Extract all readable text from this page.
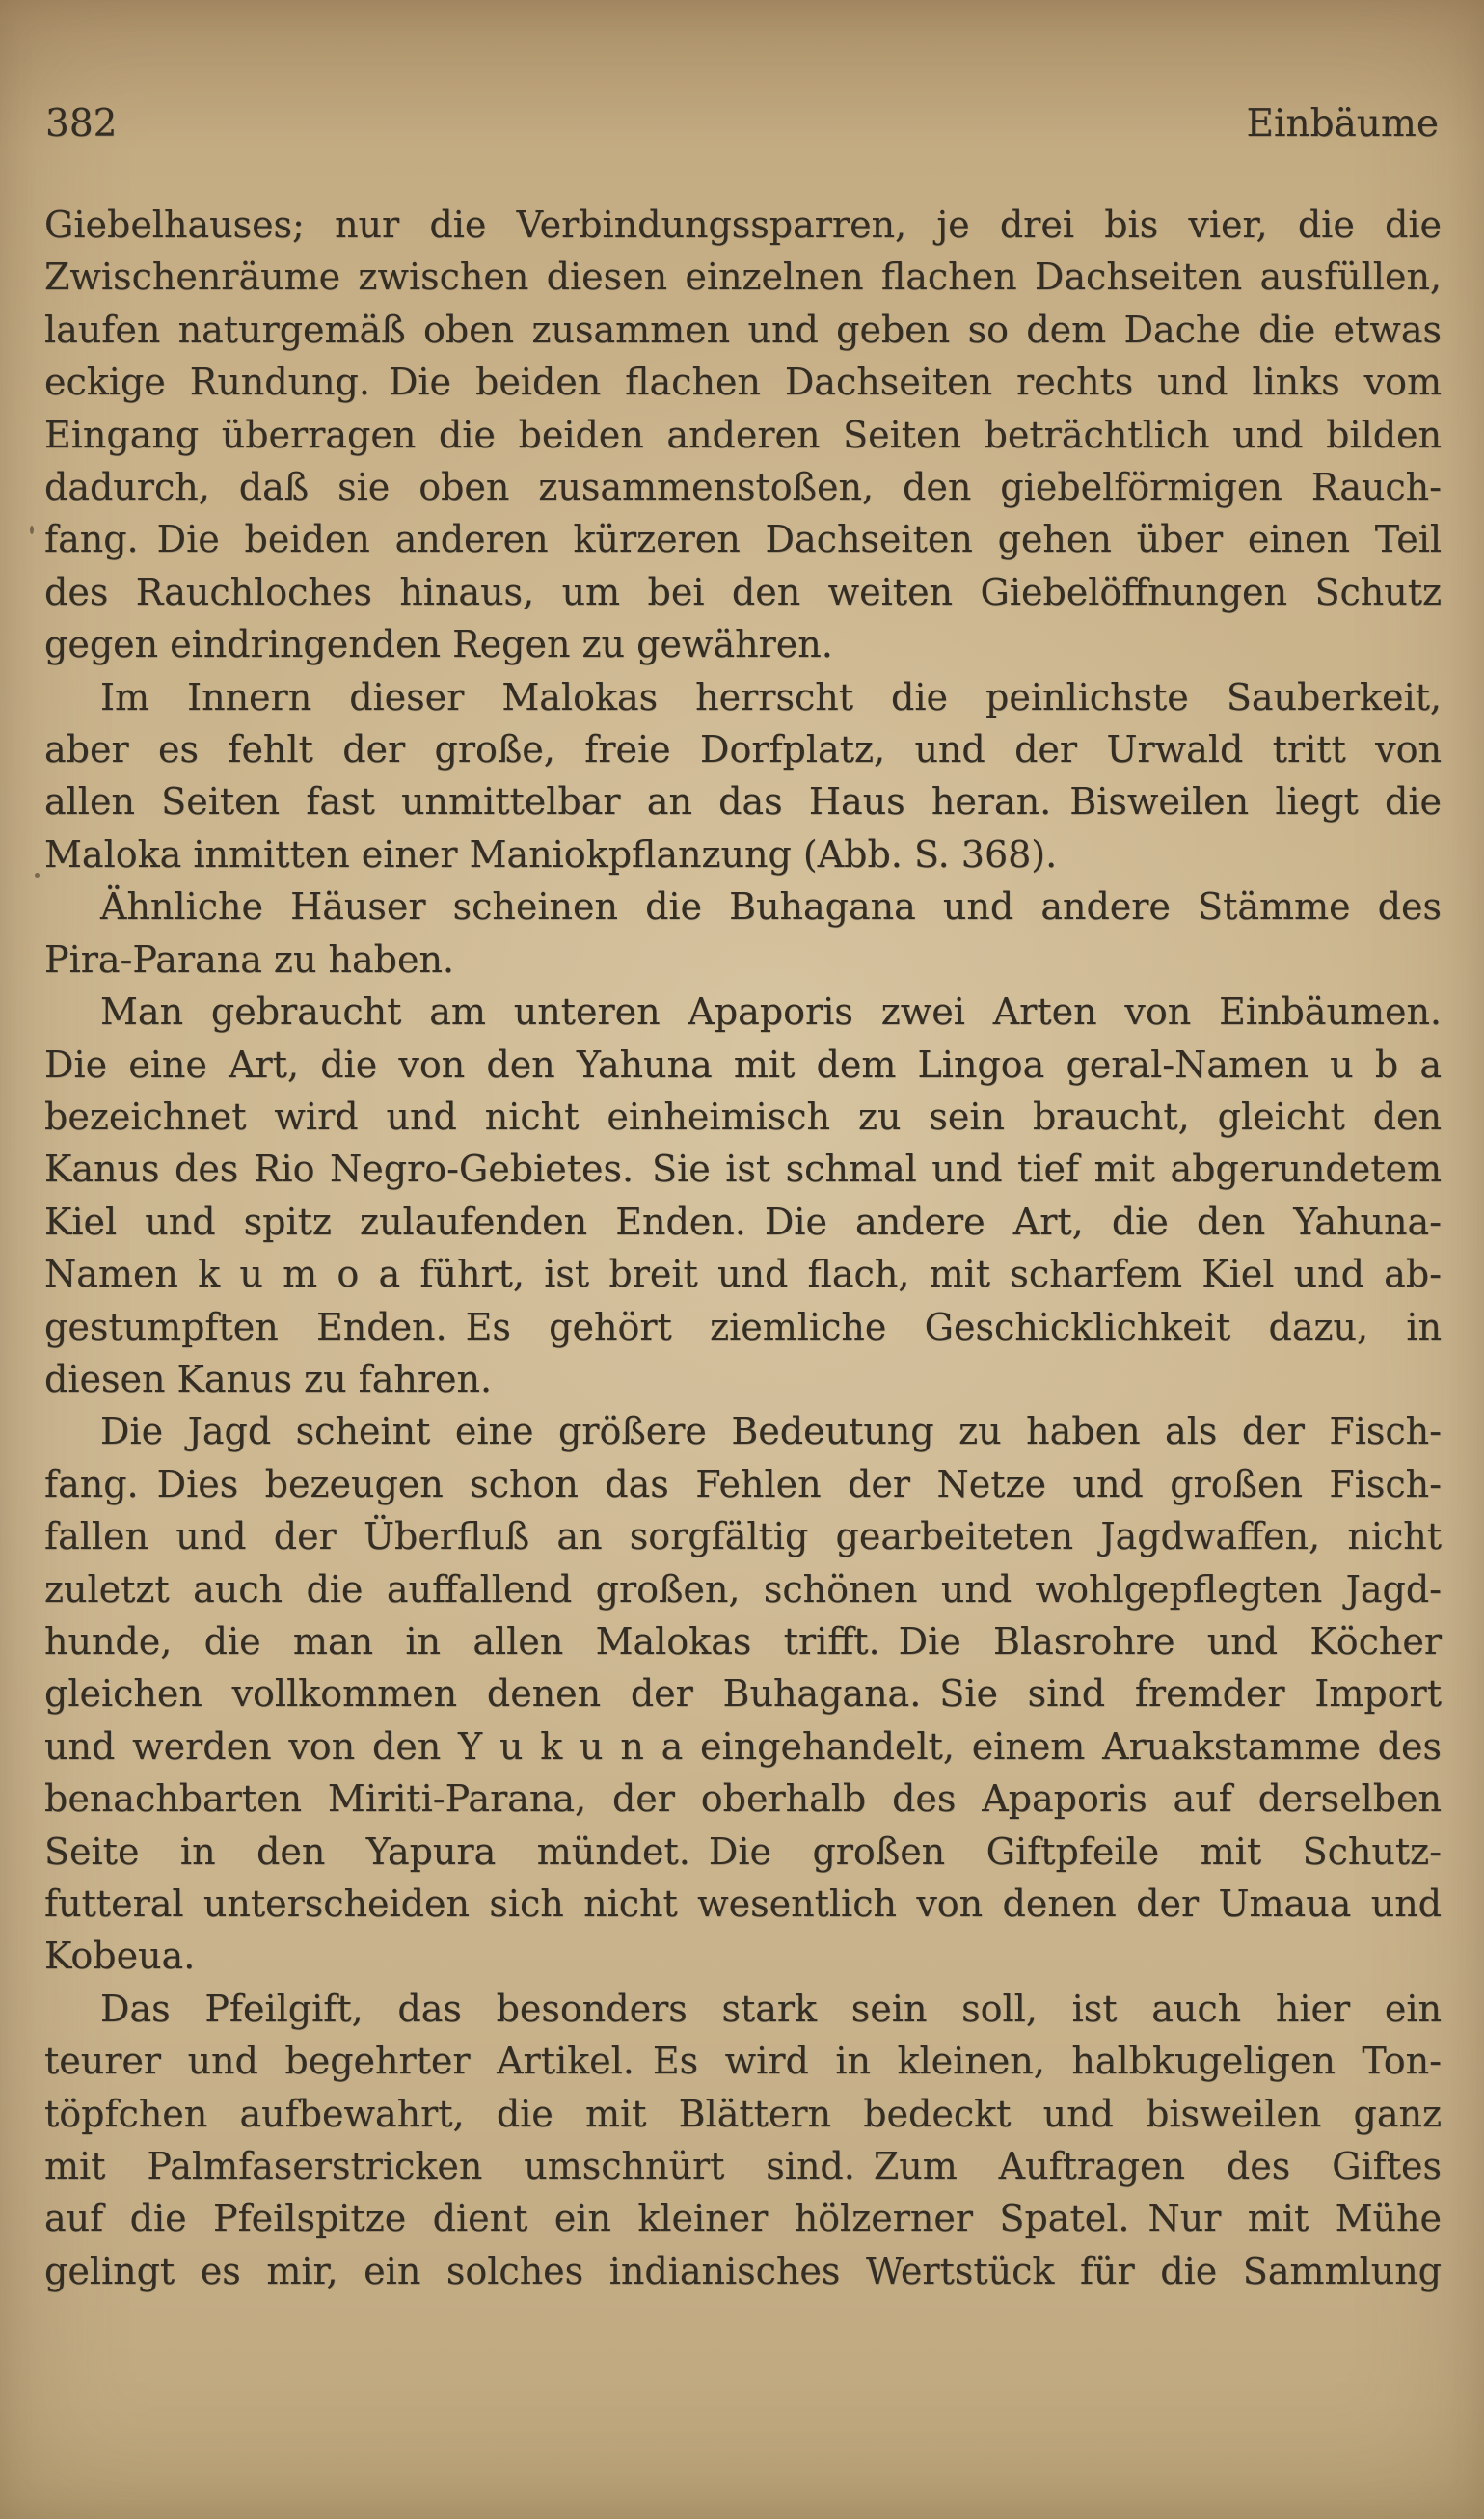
382	Einbäume
Giebelhauses; nur die Verbindungssparren, je drei bis vier, die die
Zwischenräume zwischen diesen einzelnen flachen Dachseiten ausfüllen,
laufen naturgemäß oben zusammen und geben so dem Dache die etwas
eckige Rundung. Die beiden flachen Dachseiten rechts und links vom
Eingang überragen die beiden anderen Seiten beträchtlich und bilden
dadurch, daß sie oben zusammenstoßen, den giebelförmigen Rauch-
fang. Die beiden anderen kürzeren Dachseiten gehen über einen Teil
des Rauchloches hinaus, um bei den weiten Giebelöffnungen Schutz
gegen eindringenden Regen zu gewähren.
Im Innern dieser Malokas herrscht die peinlichste Sauberkeit,
aber es fehlt der große, freie Dorfplatz, und der Urwald tritt von
allen Seiten fast unmittelbar an das Haus heran. Bisweilen liegt die
Maloka inmitten einer Maniokpflanzung (Abb. S. 368).
Ähnliche Häuser scheinen die Buhagana und andere Stämme des
Pira-Parana zu haben.
Man gebraucht am unteren Apaporis zwei Arten von Einbäumen.
Die eine Art, die von den Yahuna mit dem Lingoa geral-Namen u b a
bezeichnet wird und nicht einheimisch zu sein braucht, gleicht den
Kanus des Rio Negro-Gebietes. Sie ist schmal und tief mit abgerundetem
Kiel und spitz zulaufenden Enden. Die andere Art, die den Yahuna-
Namen k u m o a führt, ist breit und flach, mit scharfem Kiel und ab-
gestumpften Enden. Es gehört ziemliche Geschicklichkeit dazu, in
diesen Kanus zu fahren.
Die Jagd scheint eine größere Bedeutung zu haben als der Fisch-
fang. Dies bezeugen schon das Fehlen der Netze und großen Fisch-
fallen und der Überfluß an sorgfältig gearbeiteten Jagdwaffen, nicht
zuletzt auch die auffallend großen, schönen und wohlgepflegten Jagd-
hunde, die man in allen Malokas trifft. Die Blasrohre und Köcher
gleichen vollkommen denen der Buhagana. Sie sind fremder Import
und werden von den Y u k u n a eingehandelt, einem Aruakstamme des
benachbarten Miriti-Parana, der oberhalb des Apaporis auf derselben
Seite in den Yapura mündet. Die großen Giftpfeile mit Schutz-
futteral unterscheiden sich nicht wesentlich von denen der Umaua und
Kobeua.
Das Pfeilgift, das besonders stark sein soll, ist auch hier ein
teurer und begehrter Artikel. Es wird in kleinen, halbkugeligen Ton-
töpfchen aufbewahrt, die mit Blättern bedeckt und bisweilen ganz
mit Palmfaserstricken umschnürt sind. Zum Auftragen des Giftes
auf die Pfeilspitze dient ein kleiner hölzerner Spatel. Nur mit Mühe
gelingt es mir, ein solches indianisches Wertstück für die Sammlung
